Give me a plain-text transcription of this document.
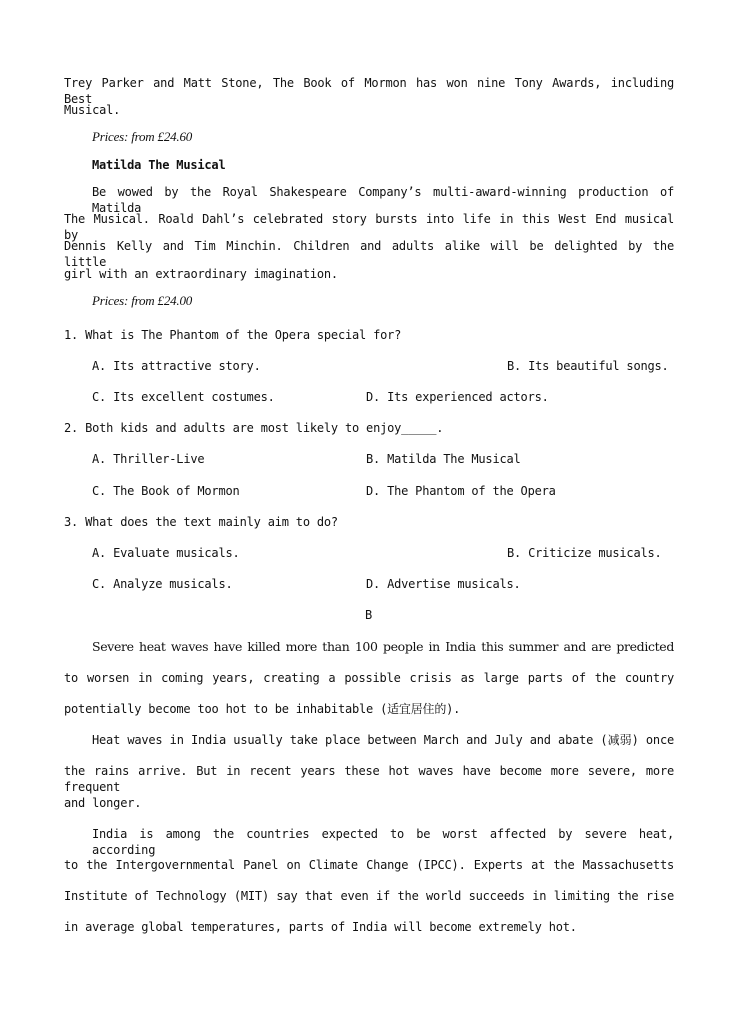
Trey Parker and Matt Stone, The Book of Mormon has won nine Tony Awards, including Best
Musical.
Prices: from £24.60
Matilda The Musical
Be wowed by the Royal Shakespeare Company’s multi-award-winning production of Matilda
The Musical. Roald Dahl’s celebrated story bursts into life in this West End musical by
Dennis Kelly and Tim Minchin. Children and adults alike will be delighted by the little
girl with an extraordinary imagination.
Prices: from £24.00
1. What is The Phantom of the Opera special for?
A. Its attractive story.	B. Its beautiful songs.
C. Its excellent costumes.	D. Its experienced actors.
2. Both kids and adults are most likely to enjoy_____.
A. Thriller-Live	B. Matilda The Musical
C. The Book of Mormon	D. The Phantom of the Opera
3. What does the text mainly aim to do?
A. Evaluate musicals.	B. Criticize musicals.
C. Analyze musicals.	D. Advertise musicals.
B
Severe heat waves have killed more than 100 people in India this summer and are predicted
to worsen in coming years, creating a possible crisis as large parts of the country
potentially become too hot to be inhabitable (适宜居住的).
Heat waves in India usually take place between March and July and abate (减弱) once
the rains arrive. But in recent years these hot waves have become more severe, more frequent
and longer.
India is among the countries expected to be worst affected by severe heat, according
to the Intergovernmental Panel on Climate Change (IPCC). Experts at the Massachusetts
Institute of Technology (MIT) say that even if the world succeeds in limiting the rise
in average global temperatures, parts of India will become extremely hot.
